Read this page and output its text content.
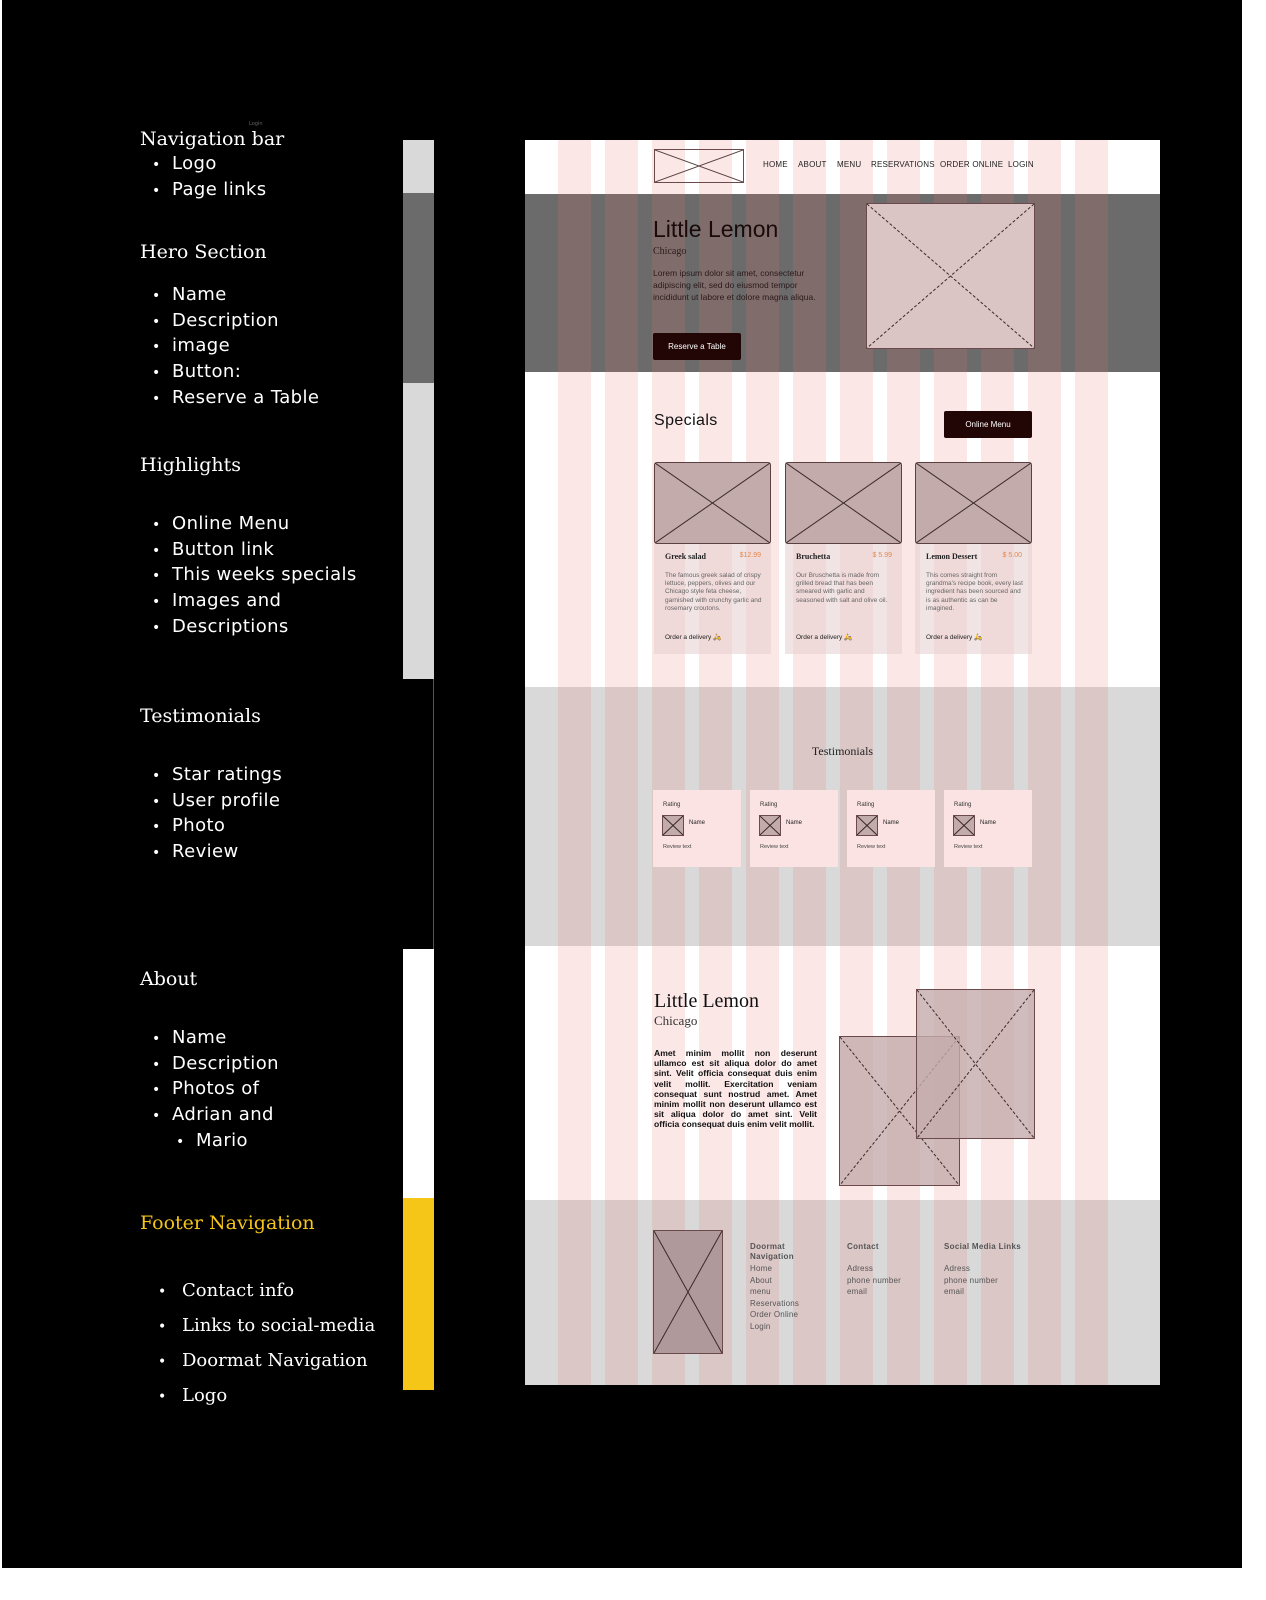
Login
Navigation bar
• Logo
• Page links
Hero Section
• Name
• Description
• image
• Button:
• Reserve a Table
Highlights
• Online Menu
• Button link
• This weeks specials
• Images and
• Descriptions
Testimonials
• Star ratings
• User profile
• Photo
• Review
About
• Name
• Description
• Photos of
• Adrian and
• Mario
Footer Navigation
• Contact info
• Links to social-media
• Doormat Navigation
• Logo
HOME ABOUT MENU RESERVATIONS ORDER ONLINE LOGIN
Little Lemon
Chicago
Lorem ipsum dolor sit amet, consectetur adipiscing elit, sed do eiusmod tempor incididunt ut labore et dolore magna aliqua.
Reserve a Table
Specials	Online Menu
Greek salad	$12.99
The famous greek salad of crispy lettuce, peppers, olives and our Chicago style feta cheese, garnished with crunchy garlic and rosemary croutons.
Order a delivery 🛵
Bruchetta	$ 5.99
Our Bruschetta is made from grilled bread that has been smeared with garlic and seasoned with salt and olive oil.
Order a delivery 🛵
Lemon Dessert	$ 5.00
This comes straight from grandma's recipe book, every last ingredient has been sourced and is as authentic as can be imagined.
Order a delivery 🛵
Testimonials
Rating
Name
Review text
Rating
Name
Review text
Rating
Name
Review text
Rating
Name
Review text
Little Lemon
Chicago
Amet minim mollit non deserunt ullamco est sit aliqua dolor do amet sint. Velit officia consequat duis enim velit mollit. Exercitation veniam consequat sunt nostrud amet. Amet minim mollit non deserunt ullamco est sit aliqua dolor do amet sint. Velit officia consequat duis enim velit mollit.
Doormat Navigation
Home
About
menu
Reservations
Order Online
Login
Contact
Adress
phone number
email
Social Media Links
Adress
phone number
email
